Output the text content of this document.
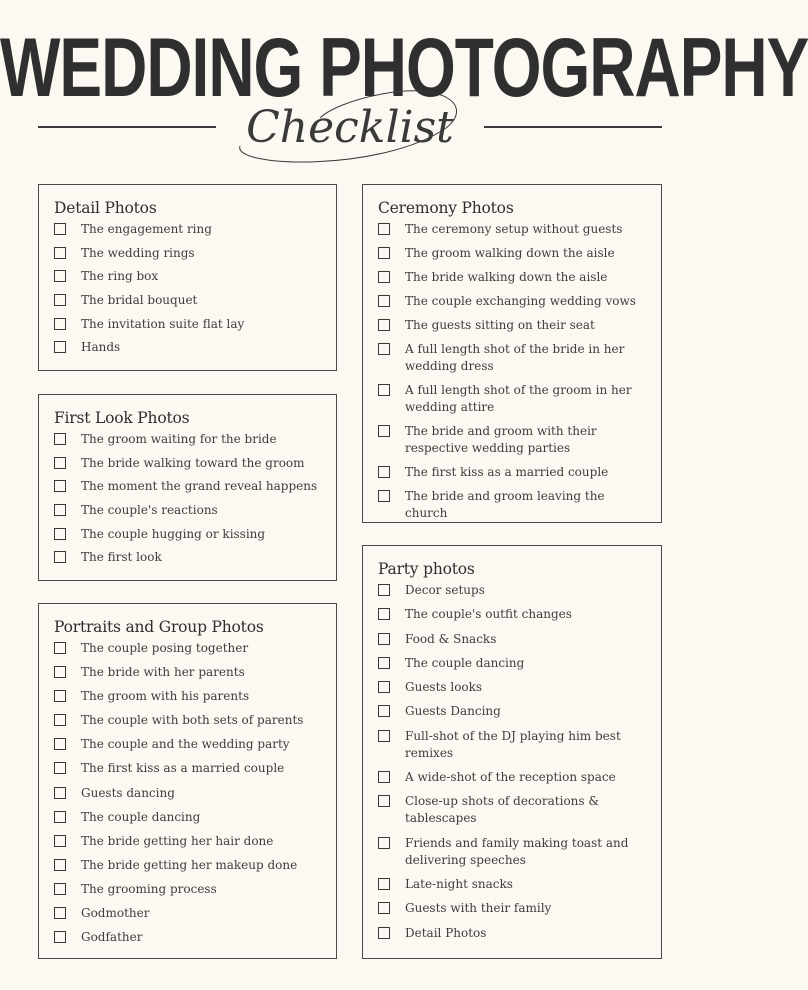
WEDDING PHOTOGRAPHY
Checklist
Detail Photos
The engagement ring
The wedding rings
The ring box
The bridal bouquet
The invitation suite flat lay
Hands
First Look Photos
The groom waiting for the bride
The bride walking toward the groom
The moment the grand reveal happens
The couple's reactions
The couple hugging or kissing
The first look
Portraits and Group Photos
The couple posing together
The bride with her parents
The groom with his parents
The couple with both sets of parents
The couple and the wedding party
The first kiss as a married couple
Guests dancing
The couple dancing
The bride getting her hair done
The bride getting her makeup done
The grooming process
Godmother
Godfather
Ceremony Photos
The ceremony setup without guests
The groom walking down the aisle
The bride walking down the aisle
The couple exchanging wedding vows
The guests sitting on their seat
A full length shot of the bride in her wedding dress
A full length shot of the groom in her wedding attire
The bride and groom with their respective wedding parties
The first kiss as a married couple
The bride and groom leaving the church
Party photos
Decor setups
The couple's outfit changes
Food & Snacks
The couple dancing
Guests looks
Guests Dancing
Full-shot of the DJ playing him best remixes
A wide-shot of the reception space
Close-up shots of decorations & tablescapes
Friends and family making toast and delivering speeches
Late-night snacks
Guests with their family
Detail Photos
